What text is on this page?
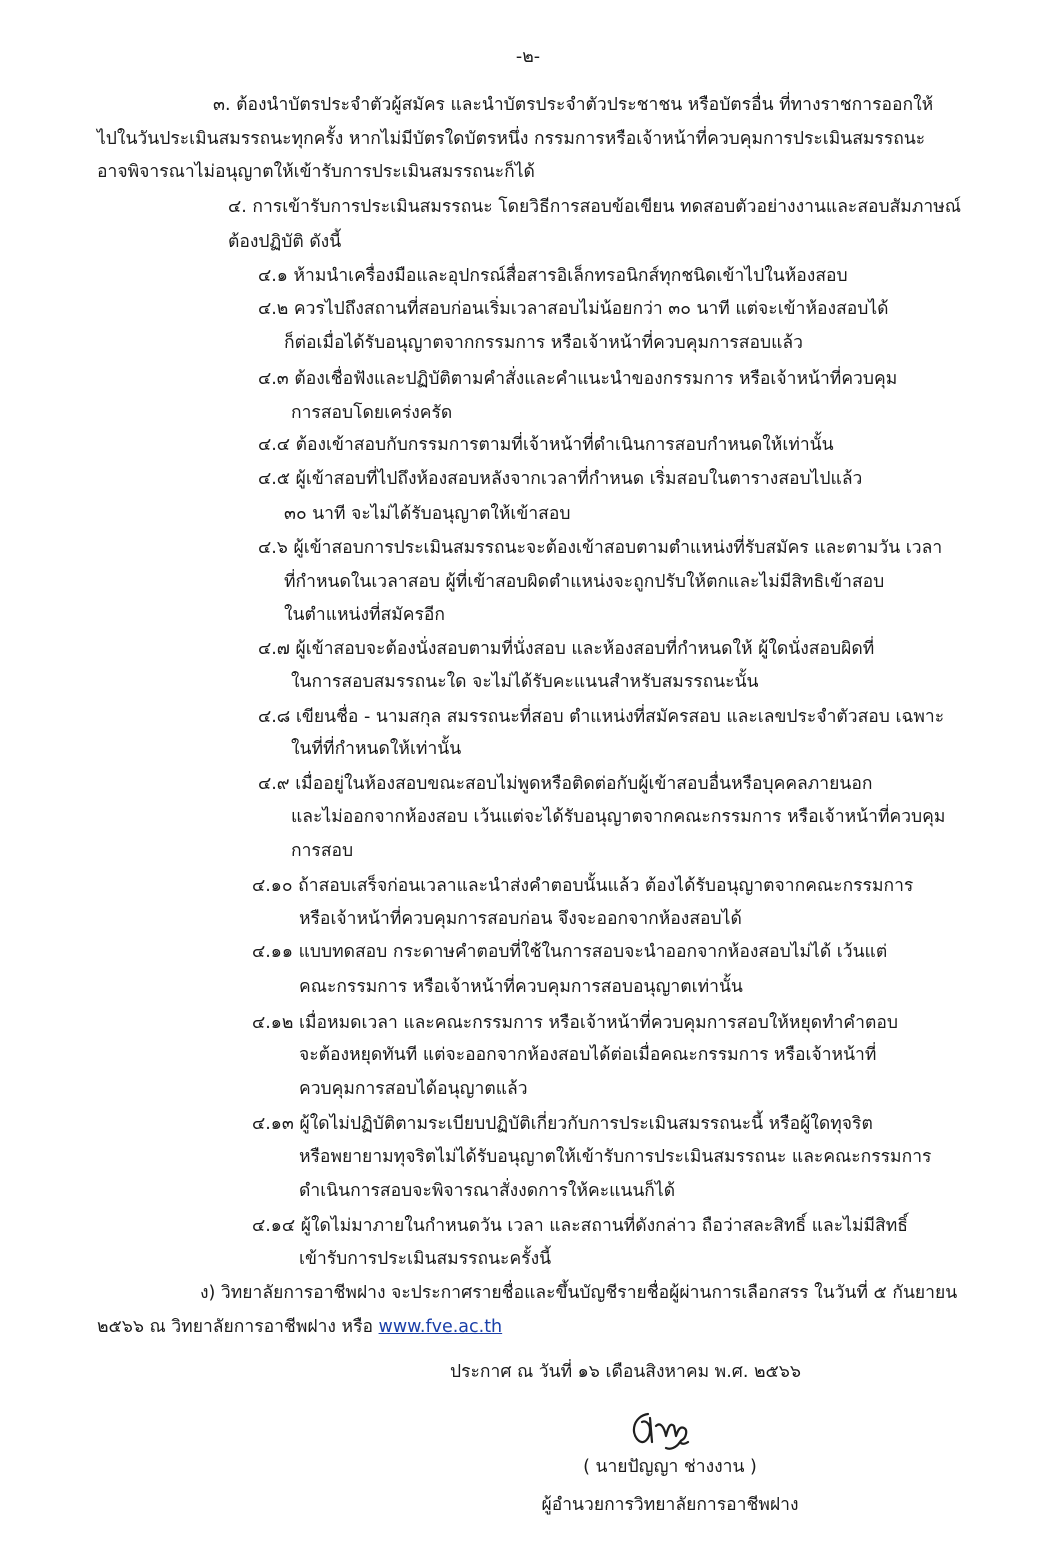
-๒-
๓. ต้องนำบัตรประจำตัวผู้สมัคร และนำบัตรประจำตัวประชาชน หรือบัตรอื่น ที่ทางราชการออกให้
ไปในวันประเมินสมรรถนะทุกครั้ง หากไม่มีบัตรใดบัตรหนึ่ง กรรมการหรือเจ้าหน้าที่ควบคุมการประเมินสมรรถนะ
อาจพิจารณาไม่อนุญาตให้เข้ารับการประเมินสมรรถนะก็ได้
๔. การเข้ารับการประเมินสมรรถนะ โดยวิธีการสอบข้อเขียน ทดสอบตัวอย่างงานและสอบสัมภาษณ์
ต้องปฏิบัติ ดังนี้
๔.๑ ห้ามนำเครื่องมือและอุปกรณ์สื่อสารอิเล็กทรอนิกส์ทุกชนิดเข้าไปในห้องสอบ
๔.๒ ควรไปถึงสถานที่สอบก่อนเริ่มเวลาสอบไม่น้อยกว่า ๓๐ นาที แต่จะเข้าห้องสอบได้
ก็ต่อเมื่อได้รับอนุญาตจากกรรมการ หรือเจ้าหน้าที่ควบคุมการสอบแล้ว
๔.๓ ต้องเชื่อฟังและปฏิบัติตามคำสั่งและคำแนะนำของกรรมการ หรือเจ้าหน้าที่ควบคุม
การสอบโดยเคร่งครัด
๔.๔ ต้องเข้าสอบกับกรรมการตามที่เจ้าหน้าที่ดำเนินการสอบกำหนดให้เท่านั้น
๔.๕ ผู้เข้าสอบที่ไปถึงห้องสอบหลังจากเวลาที่กำหนด เริ่มสอบในตารางสอบไปแล้ว
๓๐ นาที จะไม่ได้รับอนุญาตให้เข้าสอบ
๔.๖ ผู้เข้าสอบการประเมินสมรรถนะจะต้องเข้าสอบตามตำแหน่งที่รับสมัคร และตามวัน เวลา
ที่กำหนดในเวลาสอบ ผู้ที่เข้าสอบผิดตำแหน่งจะถูกปรับให้ตกและไม่มีสิทธิเข้าสอบ
ในตำแหน่งที่สมัครอีก
๔.๗ ผู้เข้าสอบจะต้องนั่งสอบตามที่นั่งสอบ และห้องสอบที่กำหนดให้ ผู้ใดนั่งสอบผิดที่
ในการสอบสมรรถนะใด จะไม่ได้รับคะแนนสำหรับสมรรถนะนั้น
๔.๘ เขียนชื่อ - นามสกุล สมรรถนะที่สอบ ตำแหน่งที่สมัครสอบ และเลขประจำตัวสอบ เฉพาะ
ในที่ที่กำหนดให้เท่านั้น
๔.๙ เมื่ออยู่ในห้องสอบขณะสอบไม่พูดหรือติดต่อกับผู้เข้าสอบอื่นหรือบุคคลภายนอก
และไม่ออกจากห้องสอบ เว้นแต่จะได้รับอนุญาตจากคณะกรรมการ หรือเจ้าหน้าที่ควบคุม
การสอบ
๔.๑๐ ถ้าสอบเสร็จก่อนเวลาและนำส่งคำตอบนั้นแล้ว ต้องได้รับอนุญาตจากคณะกรรมการ
หรือเจ้าหน้าที่ควบคุมการสอบก่อน จึงจะออกจากห้องสอบได้
๔.๑๑ แบบทดสอบ กระดาษคำตอบที่ใช้ในการสอบจะนำออกจากห้องสอบไม่ได้ เว้นแต่
คณะกรรมการ หรือเจ้าหน้าที่ควบคุมการสอบอนุญาตเท่านั้น
๔.๑๒ เมื่อหมดเวลา และคณะกรรมการ หรือเจ้าหน้าที่ควบคุมการสอบให้หยุดทำคำตอบ
จะต้องหยุดทันที แต่จะออกจากห้องสอบได้ต่อเมื่อคณะกรรมการ หรือเจ้าหน้าที่
ควบคุมการสอบได้อนุญาตแล้ว
๔.๑๓ ผู้ใดไม่ปฏิบัติตามระเบียบปฏิบัติเกี่ยวกับการประเมินสมรรถนะนี้ หรือผู้ใดทุจริต
หรือพยายามทุจริตไม่ได้รับอนุญาตให้เข้ารับการประเมินสมรรถนะ และคณะกรรมการ
ดำเนินการสอบจะพิจารณาสั่งงดการให้คะแนนก็ได้
๔.๑๔ ผู้ใดไม่มาภายในกำหนดวัน เวลา และสถานที่ดังกล่าว ถือว่าสละสิทธิ์ และไม่มีสิทธิ์
เข้ารับการประเมินสมรรถนะครั้งนี้
ง) วิทยาลัยการอาชีพฝาง จะประกาศรายชื่อและขึ้นบัญชีรายชื่อผู้ผ่านการเลือกสรร ในวันที่ ๕ กันยายน
๒๕๖๖ ณ วิทยาลัยการอาชีพฝาง หรือ www.fve.ac.th
ประกาศ ณ วันที่ ๑๖ เดือนสิงหาคม พ.ศ. ๒๕๖๖
( นายปัญญา ช่างงาน )
ผู้อำนวยการวิทยาลัยการอาชีพฝาง
